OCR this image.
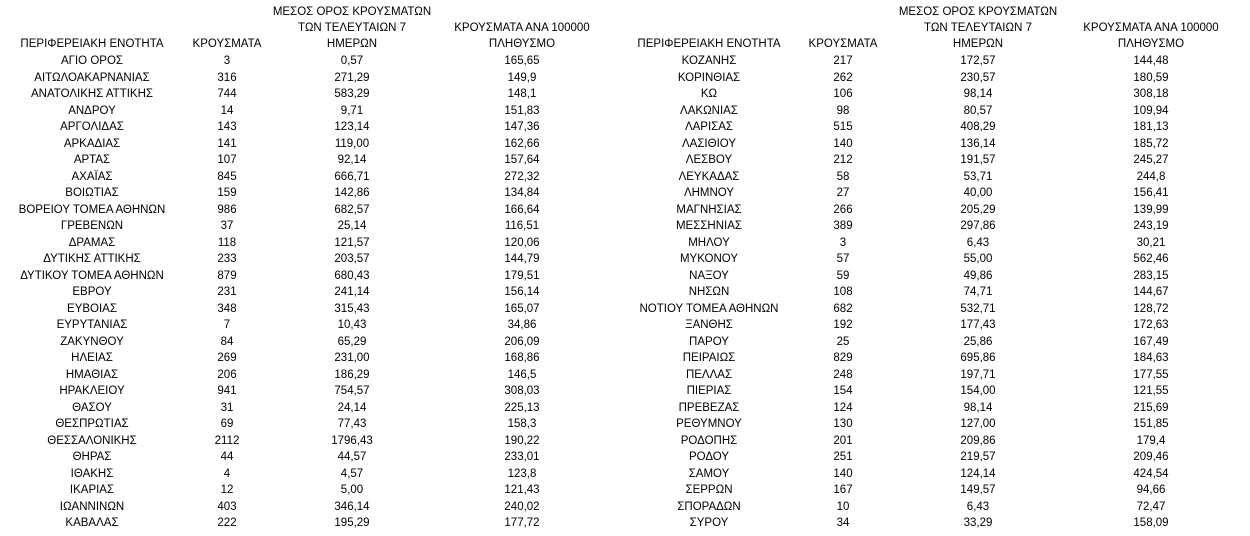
ΠΕΡΙΦΕΡΕΙΑΚΗ ΕΝΟΤΗΤΑ	ΚΡΟΥΣΜΑΤΑ	ΜΕΣΟΣ ΟΡΟΣ ΚΡΟΥΣΜΑΤΩΝ
ΤΩΝ ΤΕΛΕΥΤΑΙΩΝ 7
ΗΜΕΡΩΝ	ΚΡΟΥΣΜΑΤΑ ΑΝΑ 100000
ΠΛΗΘΥΣΜΟ

ΑΓΙΟ ΟΡΟΣ	3	0,57	165,65
ΑΙΤΩΛΟΑΚΑΡΝΑΝΙΑΣ	316	271,29	149,9
ΑΝΑΤΟΛΙΚΗΣ ΑΤΤΙΚΗΣ	744	583,29	148,1
ΑΝΔΡΟΥ	14	9,71	151,83
ΑΡΓΟΛΙΔΑΣ	143	123,14	147,36
ΑΡΚΑΔΙΑΣ	141	119,00	162,66
ΑΡΤΑΣ	107	92,14	157,64
ΑΧΑΪΑΣ	845	666,71	272,32
ΒΟΙΩΤΙΑΣ	159	142,86	134,84
ΒΟΡΕΙΟΥ ΤΟΜΕΑ ΑΘΗΝΩΝ	986	682,57	166,64
ΓΡΕΒΕΝΩΝ	37	25,14	116,51
ΔΡΑΜΑΣ	118	121,57	120,06
ΔΥΤΙΚΗΣ ΑΤΤΙΚΗΣ	233	203,57	144,79
ΔΥΤΙΚΟΥ ΤΟΜΕΑ ΑΘΗΝΩΝ	879	680,43	179,51
ΕΒΡΟΥ	231	241,14	156,14
ΕΥΒΟΙΑΣ	348	315,43	165,07
ΕΥΡΥΤΑΝΙΑΣ	7	10,43	34,86
ΖΑΚΥΝΘΟΥ	84	65,29	206,09
ΗΛΕΙΑΣ	269	231,00	168,86
ΗΜΑΘΙΑΣ	206	186,29	146,5
ΗΡΑΚΛΕΙΟΥ	941	754,57	308,03
ΘΑΣΟΥ	31	24,14	225,13
ΘΕΣΠΡΩΤΙΑΣ	69	77,43	158,3
ΘΕΣΣΑΛΟΝΙΚΗΣ	2112	1796,43	190,22
ΘΗΡΑΣ	44	44,57	233,01
ΙΘΑΚΗΣ	4	4,57	123,8
ΙΚΑΡΙΑΣ	12	5,00	121,43
ΙΩΑΝΝΙΝΩΝ	403	346,14	240,02
ΚΑΒΑΛΑΣ	222	195,29	177,72
ΠΕΡΙΦΕΡΕΙΑΚΗ ΕΝΟΤΗΤΑ	ΚΡΟΥΣΜΑΤΑ	ΜΕΣΟΣ ΟΡΟΣ ΚΡΟΥΣΜΑΤΩΝ
ΤΩΝ ΤΕΛΕΥΤΑΙΩΝ 7
ΗΜΕΡΩΝ	ΚΡΟΥΣΜΑΤΑ ΑΝΑ 100000
ΠΛΗΘΥΣΜΟ

ΚΟΖΑΝΗΣ	217	172,57	144,48
ΚΟΡΙΝΘΙΑΣ	262	230,57	180,59
ΚΩ	106	98,14	308,18
ΛΑΚΩΝΙΑΣ	98	80,57	109,94
ΛΑΡΙΣΑΣ	515	408,29	181,13
ΛΑΣΙΘΙΟΥ	140	136,14	185,72
ΛΕΣΒΟΥ	212	191,57	245,27
ΛΕΥΚΑΔΑΣ	58	53,71	244,8
ΛΗΜΝΟΥ	27	40,00	156,41
ΜΑΓΝΗΣΙΑΣ	266	205,29	139,99
ΜΕΣΣΗΝΙΑΣ	389	297,86	243,19
ΜΗΛΟΥ	3	6,43	30,21
ΜΥΚΟΝΟΥ	57	55,00	562,46
ΝΑΞΟΥ	59	49,86	283,15
ΝΗΣΩΝ	108	74,71	144,67
ΝΟΤΙΟΥ ΤΟΜΕΑ ΑΘΗΝΩΝ	682	532,71	128,72
ΞΑΝΘΗΣ	192	177,43	172,63
ΠΑΡΟΥ	25	25,86	167,49
ΠΕΙΡΑΙΩΣ	829	695,86	184,63
ΠΕΛΛΑΣ	248	197,71	177,55
ΠΙΕΡΙΑΣ	154	154,00	121,55
ΠΡΕΒΕΖΑΣ	124	98,14	215,69
ΡΕΘΥΜΝΟΥ	130	127,00	151,85
ΡΟΔΟΠΗΣ	201	209,86	179,4
ΡΟΔΟΥ	251	219,57	209,46
ΣΑΜΟΥ	140	124,14	424,54
ΣΕΡΡΩΝ	167	149,57	94,66
ΣΠΟΡΑΔΩΝ	10	6,43	72,47
ΣΥΡΟΥ	34	33,29	158,09
